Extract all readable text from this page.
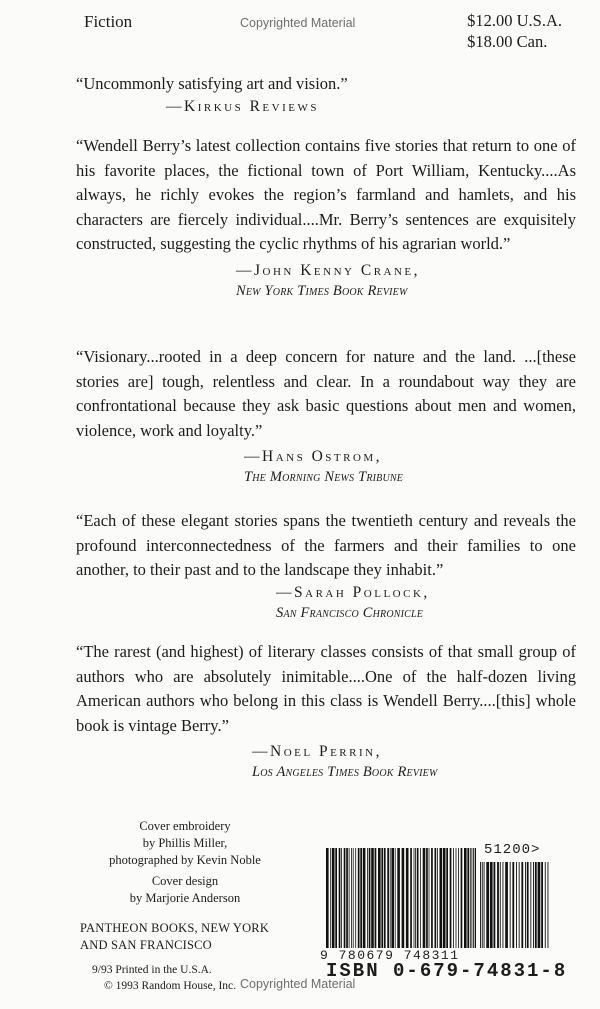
Fiction	Copyrighted Material	$12.00 U.S.A.
$18.00 Can.

“Uncommonly satisfying art and vision.”

—Kirkus Reviews

“Wendell Berry’s latest collection contains five stories that return to one of his favorite places, the fictional town of Port William, Kentucky....As always, he richly evokes the region’s farmland and hamlets, and his characters are fiercely individual....Mr. Berry’s sentences are exquisitely constructed, suggesting the cyclic rhythms of his agrarian world.”

—John Kenny Crane,
New York Times Book Review

“Visionary...rooted in a deep concern for nature and the land. ...[these stories are] tough, relentless and clear. In a roundabout way they are confrontational because they ask basic questions about men and women, violence, work and loyalty.”

—Hans Ostrom,
The Morning News Tribune

“Each of these elegant stories spans the twentieth century and reveals the profound interconnectedness of the farmers and their families to one another, to their past and to the landscape they inhabit.”

—Sarah Pollock,
San Francisco Chronicle

“The rarest (and highest) of literary classes consists of that small group of authors who are absolutely inimitable....One of the half-dozen living American authors who belong in this class is Wendell Berry....[this] whole book is vintage Berry.”

—Noel Perrin,
Los Angeles Times Book Review
Cover embroidery
by Phillis Miller,
photographed by Kevin Noble
Cover design
by Marjorie Anderson
PANTHEON BOOKS, NEW YORK
AND SAN FRANCISCO
9/93 Printed in the U.S.A.
© 1993 Random House, Inc. Copyrighted Material
51200>
9 780679 748311
ISBN 0-679-74831-8
